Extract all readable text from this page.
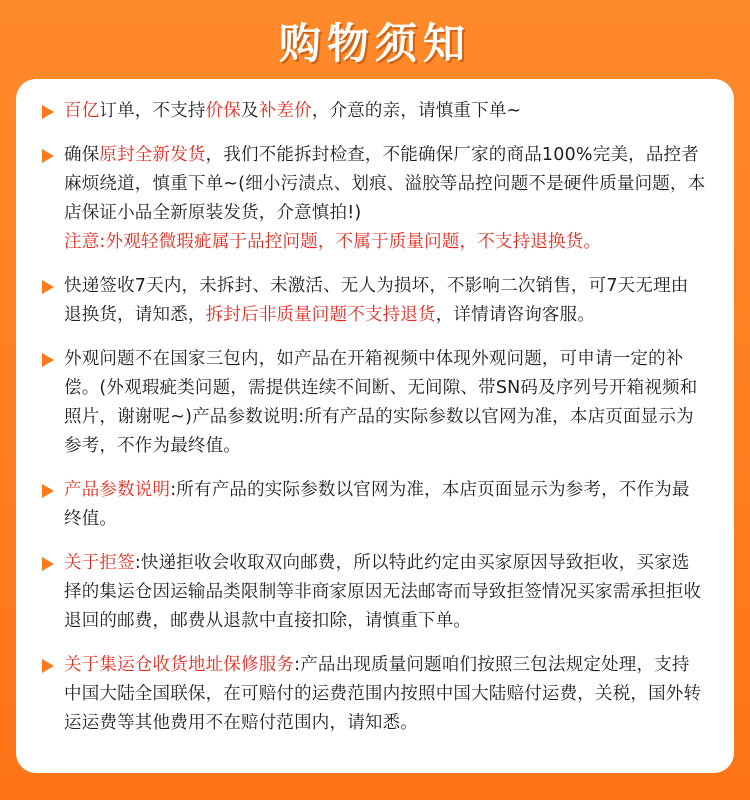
购物须知
百亿订单，不支持价保及补差价，介意的亲，请慎重下单~
确保原封全新发货，我们不能拆封检查，不能确保厂家的商品100%完美，品控者麻烦绕道，慎重下单~(细小污渍点、划痕、溢胶等品控问题不是硬件质量问题，本店保证小品全新原装发货，介意慎拍!)
注意:外观轻微瑕疵属于品控问题，不属于质量问题，不支持退换货。
快递签收7天内，未拆封、未激活、无人为损坏，不影响二次销售，可7天无理由退换货，请知悉，拆封后非质量问题不支持退货，详情请咨询客服。
外观问题不在国家三包内，如产品在开箱视频中体现外观问题，可申请一定的补偿。(外观瑕疵类问题，需提供连续不间断、无间隙、带SN码及序列号开箱视频和照片，谢谢呢~)产品参数说明:所有产品的实际参数以官网为准，本店页面显示为参考，不作为最终值。
产品参数说明:所有产品的实际参数以官网为准，本店页面显示为参考，不作为最终值。
关于拒签:快递拒收会收取双向邮费，所以特此约定由买家原因导致拒收，买家选择的集运仓因运输品类限制等非商家原因无法邮寄而导致拒签情况买家需承担拒收退回的邮费，邮费从退款中直接扣除，请慎重下单。
关于集运仓收货地址保修服务:产品出现质量问题咱们按照三包法规定处理，支持中国大陆全国联保，在可赔付的运费范围内按照中国大陆赔付运费，关税，国外转运运费等其他费用不在赔付范围内，请知悉。
